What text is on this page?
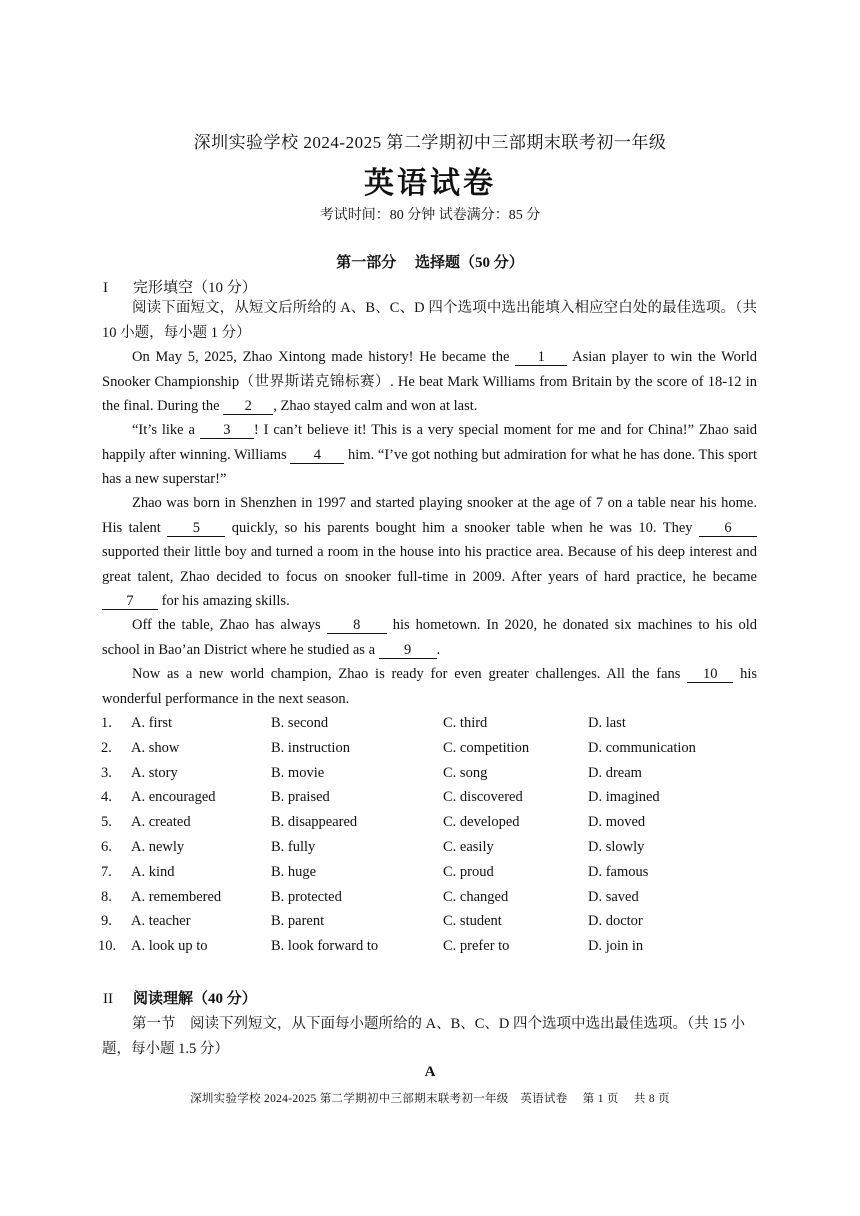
深圳实验学校 2024-2025 第二学期初中三部期末联考初一年级
英语试卷
考试时间：80 分钟 试卷满分：85 分
第一部分　 选择题（50 分）
I 完形填空（10 分）
阅读下面短文，从短文后所给的 A、B、C、D 四个选项中选出能填入相应空白处的最佳选项。（共 10 小题，每小题 1 分）
On May 5, 2025, Zhao Xintong made history! He became the 1 Asian player to win the World Snooker Championship（世界斯诺克锦标赛）. He beat Mark Williams from Britain by the score of 18-12 in the final. During the 2 , Zhao stayed calm and won at last.
“It’s like a 3 ! I can’t believe it! This is a very special moment for me and for China!” Zhao said happily after winning. Williams 4 him. “I’ve got nothing but admiration for what he has done. This sport has a new superstar!”
Zhao was born in Shenzhen in 1997 and started playing snooker at the age of 7 on a table near his home. His talent 5 quickly, so his parents bought him a snooker table when he was 10. They 6 supported their little boy and turned a room in the house into his practice area. Because of his deep interest and great talent, Zhao decided to focus on snooker full-time in 2009. After years of hard practice, he became 7 for his amazing skills.
Off the table, Zhao has always 8 his hometown. In 2020, he donated six machines to his old school in Bao’an District where he studied as a 9 .
Now as a new world champion, Zhao is ready for even greater challenges. All the fans 10 his wonderful performance in the next season.
1. A. first	B. second	C. third	D. last
2. A. show	B. instruction	C. competition	D. communication
3. A. story	B. movie	C. song	D. dream
4. A. encouraged	B. praised	C. discovered	D. imagined
5. A. created	B. disappeared	C. developed	D. moved
6. A. newly	B. fully	C. easily	D. slowly
7. A. kind	B. huge	C. proud	D. famous
8. A. remembered	B. protected	C. changed	D. saved
9. A. teacher	B. parent	C. student	D. doctor
10. A. look up to	B. look forward to	C. prefer to	D. join in
II 阅读理解（40 分）
第一节　阅读下列短文，从下面每小题所给的 A、B、C、D 四个选项中选出最佳选项。（共 15 小题，每小题 1.5 分）
A
深圳实验学校 2024-2025 第二学期初中三部期末联考初一年级　英语试卷 第 1 页 共 8 页
